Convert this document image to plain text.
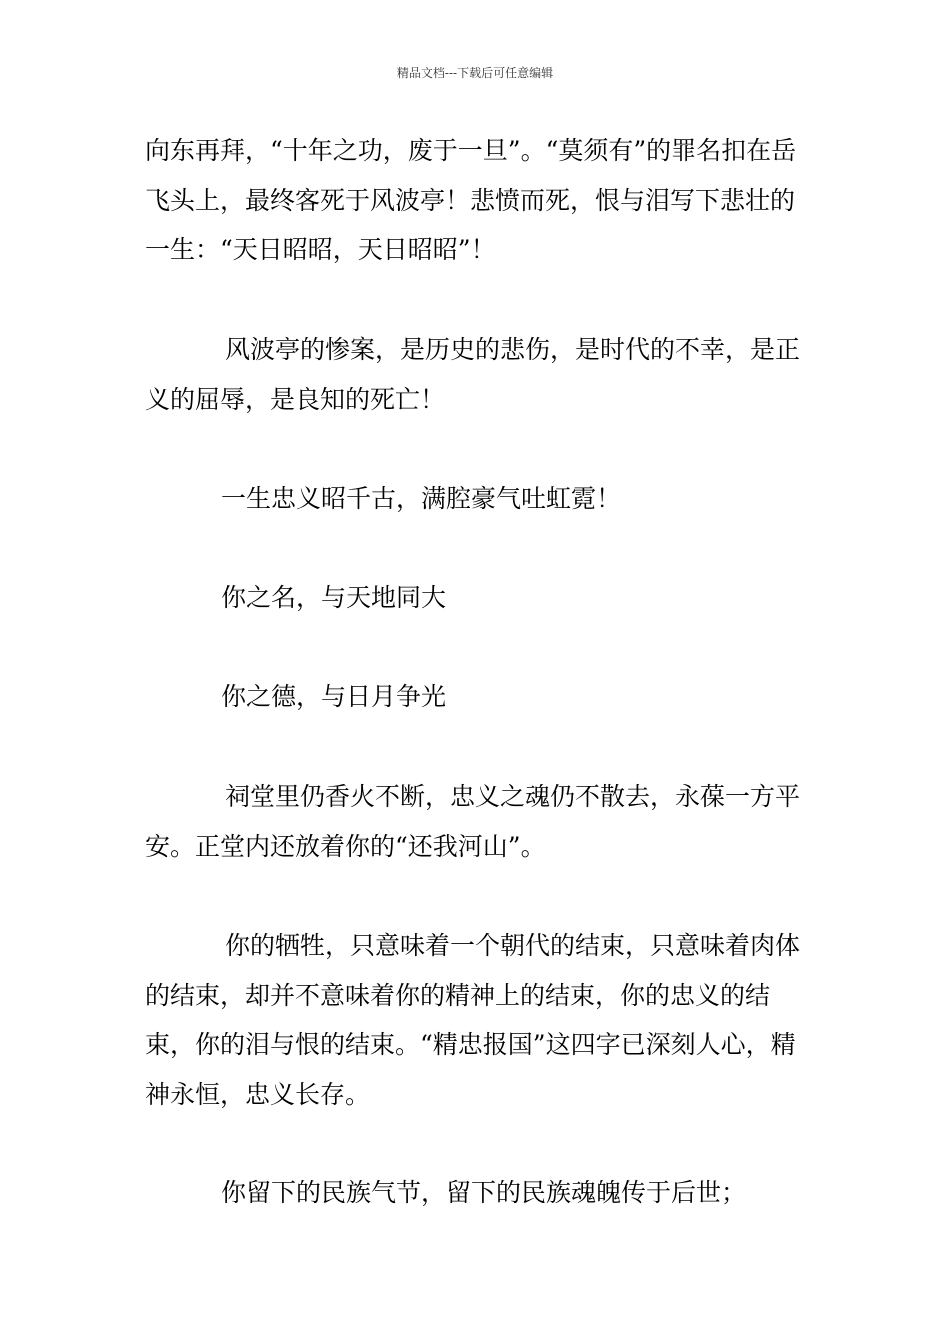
精品文档---下载后可任意编辑

向东再拜，“十年之功，废于一旦”。“莫须有”的罪名扣在岳飞头上，最终客死于风波亭！悲愤而死，恨与泪写下悲壮的一生：“天日昭昭，天日昭昭”！

风波亭的惨案，是历史的悲伤，是时代的不幸，是正义的屈辱，是良知的死亡！

一生忠义昭千古，满腔豪气吐虹霓！

你之名，与天地同大

你之德，与日月争光

祠堂里仍香火不断，忠义之魂仍不散去，永葆一方平安。正堂内还放着你的“还我河山”。

你的牺牲，只意味着一个朝代的结束，只意味着肉体的结束，却并不意味着你的精神上的结束，你的忠义的结束，你的泪与恨的结束。“精忠报国”这四字已深刻人心，精神永恒，忠义长存。

你留下的民族气节，留下的民族魂魄传于后世；
